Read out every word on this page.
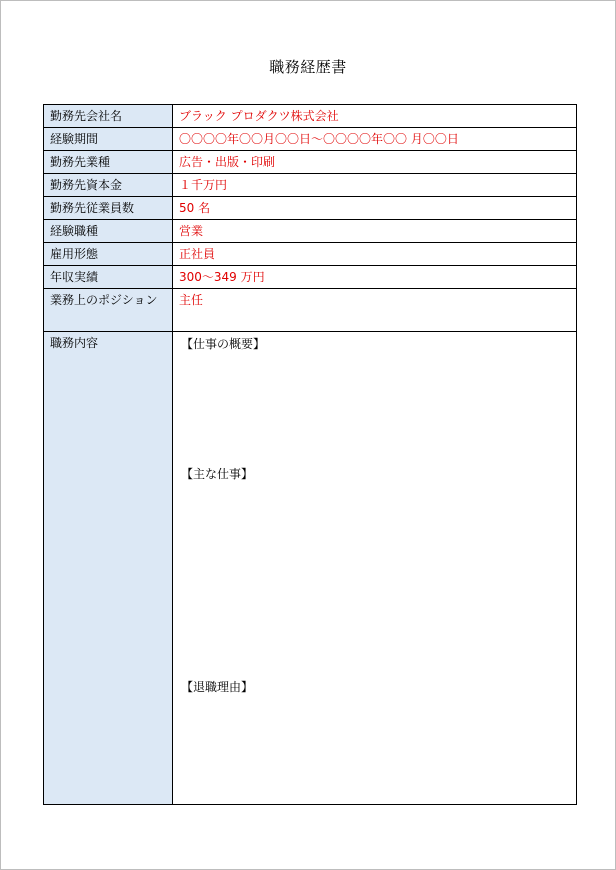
職務経歴書
勤務先会社名	ブラック プロダクツ株式会社
経験期間	〇〇〇〇年〇〇月〇〇日～〇〇〇〇年〇〇 月〇〇日
勤務先業種	広告・出版・印刷
勤務先資本金	１千万円
勤務先従業員数	50 名
経験職種	営業
雇用形態	正社員
年収実績	300～349 万円
業務上のポジション	主任
職務内容	【仕事の概要】
【主な仕事】
【退職理由】
